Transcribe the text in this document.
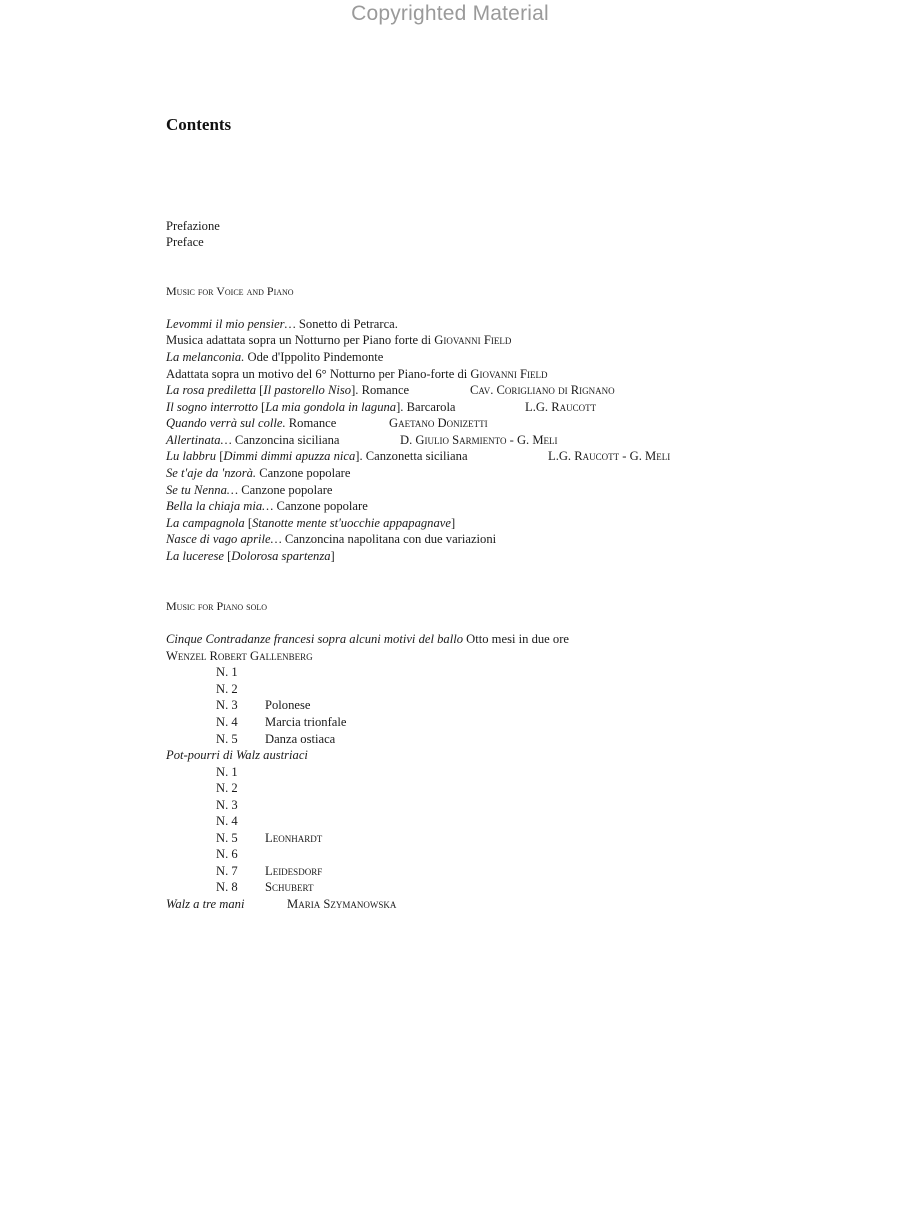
Copyrighted Material
Contents
Prefazione
Preface
Music for Voice and Piano
Levommi il mio pensier… Sonetto di Petrarca.
Musica adattata sopra un Notturno per Piano forte di Giovanni Field
La melanconia. Ode d'Ippolito Pindemonte
Adattata sopra un motivo del 6° Notturno per Piano-forte di Giovanni Field
La rosa prediletta [Il pastorello Niso]. Romance	Cav. Corigliano di Rignano
Il sogno interrotto [La mia gondola in laguna]. Barcarola	L.G. Raucott
Quando verrà sul colle. Romance	Gaetano Donizetti
Allertinata… Canzoncina siciliana	D. Giulio Sarmiento - G. Meli
Lu labbru [Dimmi dimmi apuzza nica]. Canzonetta siciliana	L.G. Raucott - G. Meli
Se t'aje da 'nzorà. Canzone popolare
Se tu Nenna… Canzone popolare
Bella la chiaja mia… Canzone popolare
La campagnola [Stanotte mente st'uocchie appapagnave]
Nasce di vago aprile… Canzoncina napolitana con due variazioni
La lucerese [Dolorosa spartenza]
Music for Piano solo
Cinque Contradanze francesi sopra alcuni motivi del ballo Otto mesi in due ore
Wenzel Robert Gallenberg
N. 1
N. 2
N. 3 Polonese
N. 4 Marcia trionfale
N. 5 Danza ostiaca
Pot-pourri di Walz austriaci
N. 1
N. 2
N. 3
N. 4
N. 5 Leonhardt
N. 6
N. 7 Leidesdorf
N. 8 Schubert
Walz a tre mani	Maria Szymanowska
